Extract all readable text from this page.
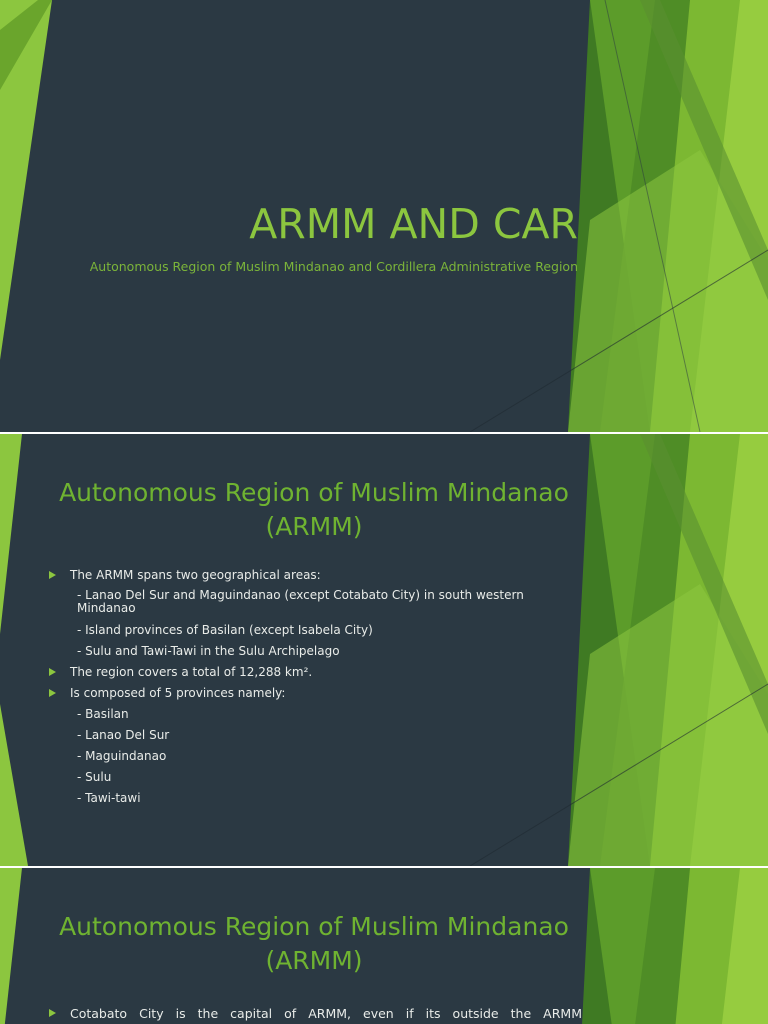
ARMM AND CAR
Autonomous Region of Muslim Mindanao and Cordillera Administrative Region
Autonomous Region of Muslim Mindanao
(ARMM)
The ARMM spans two geographical areas:
- Lanao Del Sur and Maguindanao (except Cotabato City) in south western Mindanao
- Island provinces of Basilan (except Isabela City)
- Sulu and Tawi-Tawi in the Sulu Archipelago
The region covers a total of 12,288 km².
Is composed of 5 provinces namely:
- Basilan
- Lanao Del Sur
- Maguindanao
- Sulu
- Tawi-tawi
Autonomous Region of Muslim Mindanao
(ARMM)
Cotabato City is the capital of ARMM, even if its outside the ARMM
